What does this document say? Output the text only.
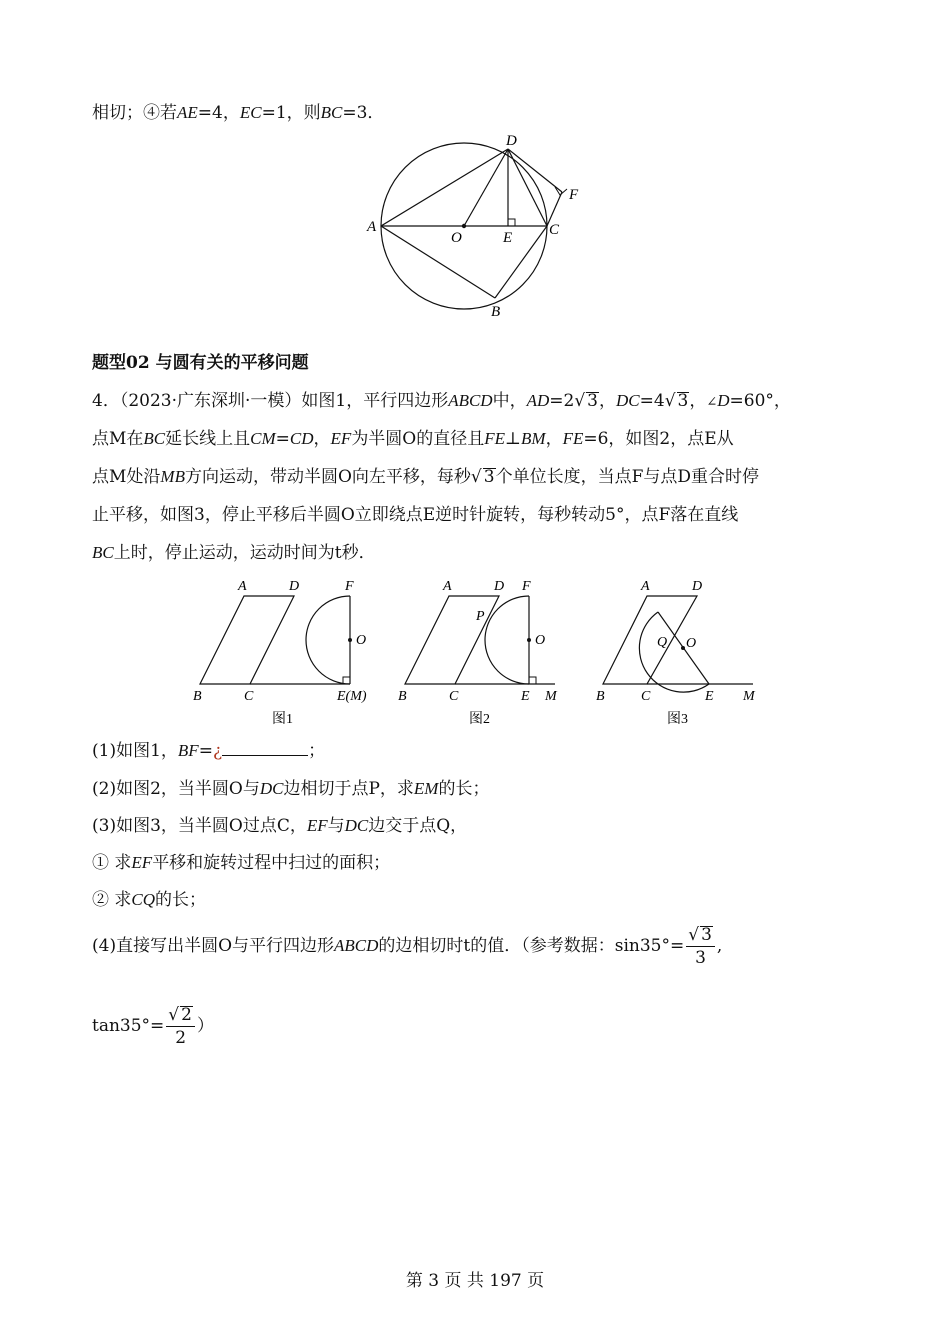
相切；④若AE=4，EC=1，则BC=3．
D
F
A
O	E C
B
题型02 与圆有关的平移问题
4．（2023·广东深圳·一模）如图1，平行四边形ABCD中，AD=2√ 3，DC=4√ 3，∠D=60°，
点M在BC延长线上且CM=CD，EF为半圆O的直径且FE⊥BM，FE=6，如图2，点E从
点M处沿MB方向运动，带动半圆O向左平移，每秒√ 3个单位长度，当点F与点D重合时停
止平移，如图3，停止平移后半圆O立即绕点E逆时针旋转，每秒转动5°，点F落在直线
BC上时，停止运动，运动时间为t秒．
A	D	F
O
B	C	E(M)
图1
A	D F
P
O
B	C	E M
图2
A	D
Q O
B	C	E M
图3
(1)如图1，BF=¿	；
(2)如图2，当半圆O与DC边相切于点P，求EM的长；
(3)如图3，当半圆O过点C，EF与DC边交于点Q，
① 求EF平移和旋转过程中扫过的面积；
② 求CQ的长；
(4)直接写出半圆O与平行四边形ABCD的边相切时t的值．（参考数据：$\sin 35^\circ= \frac{√ 3}{3}$ ,
$\tan 35^\circ= \frac{√ 2}{2}$ ）
第 3 页 共 197 页
